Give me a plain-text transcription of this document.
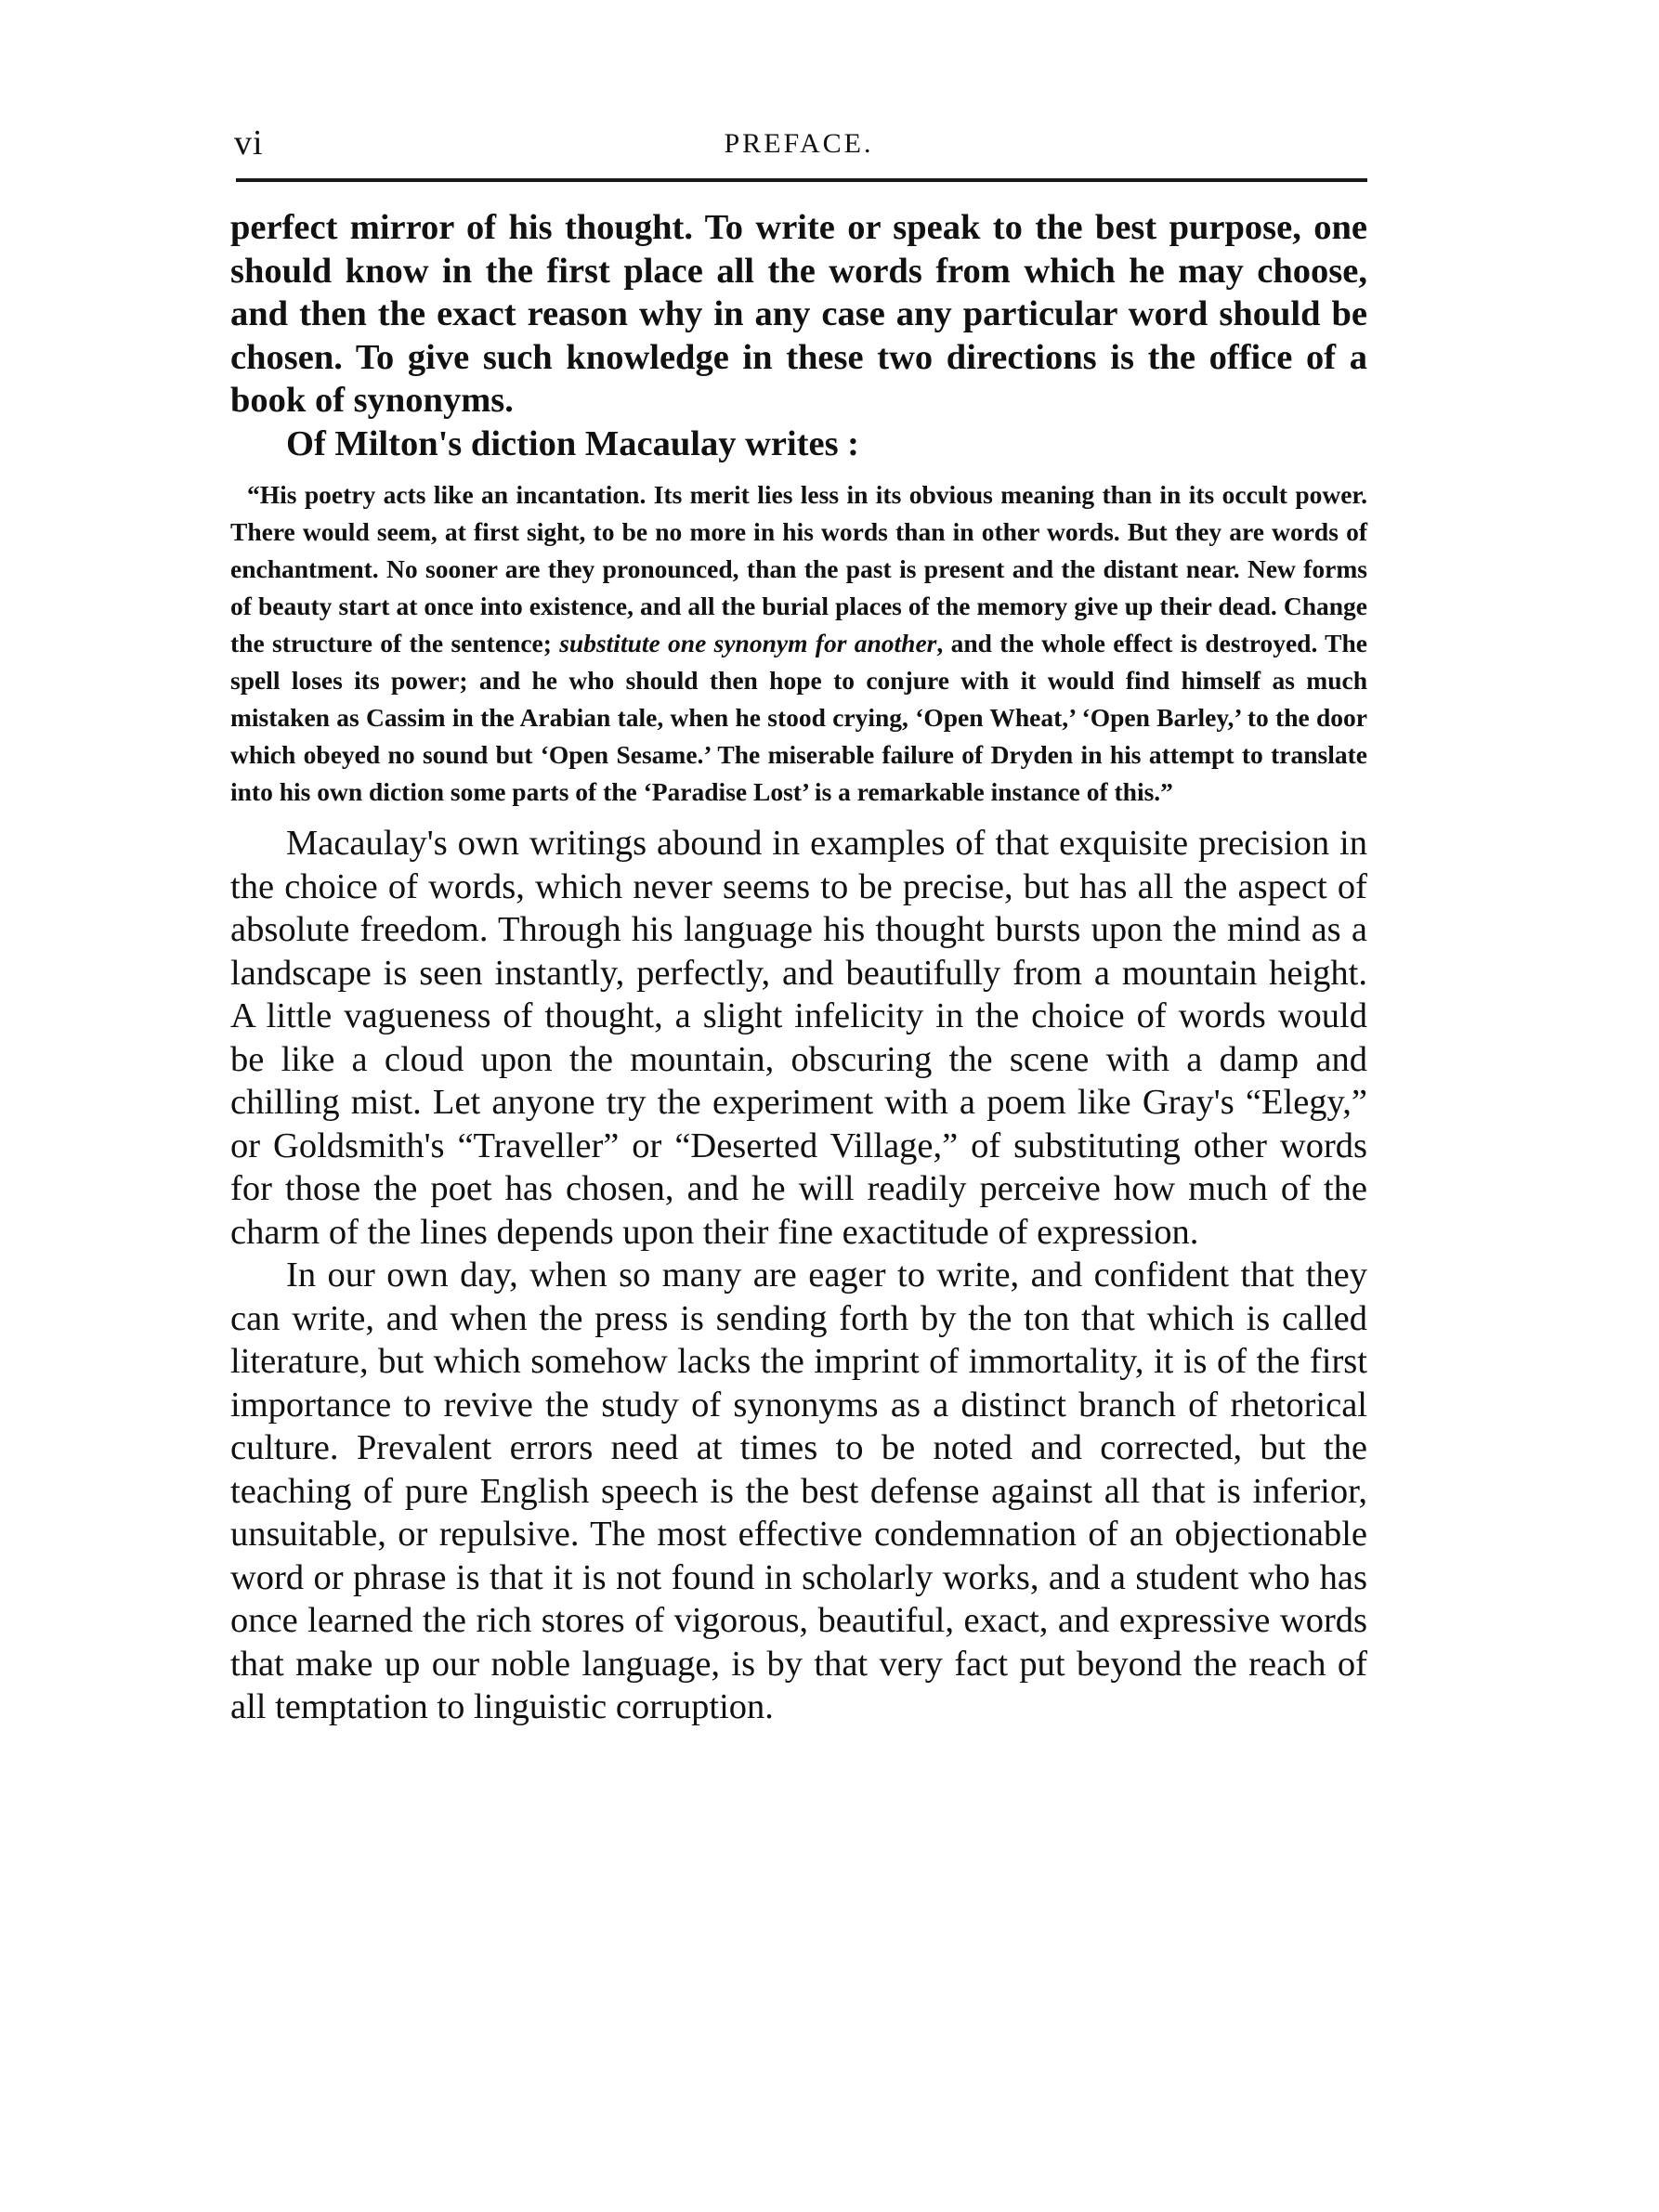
vi	PREFACE.

perfect mirror of his thought. To write or speak to the best purpose, one should know in the first place all the words from which he may choose, and then the exact reason why in any case any particular word should be chosen. To give such knowledge in these two directions is the office of a book of synonyms.

Of Milton's diction Macaulay writes :

“His poetry acts like an incantation. Its merit lies less in its obvious meaning than in its occult power. There would seem, at first sight, to be no more in his words than in other words. But they are words of enchantment. No sooner are they pronounced, than the past is present and the distant near. New forms of beauty start at once into existence, and all the burial places of the memory give up their dead. Change the structure of the sentence; substitute one synonym for another, and the whole effect is destroyed. The spell loses its power; and he who should then hope to conjure with it would find himself as much mistaken as Cassim in the Arabian tale, when he stood crying, ‘Open Wheat,’ ‘Open Barley,’ to the door which obeyed no sound but ‘Open Sesame.’ The miserable failure of Dryden in his attempt to translate into his own diction some parts of the ‘Paradise Lost’ is a remarkable instance of this.”

Macaulay's own writings abound in examples of that exquisite precision in the choice of words, which never seems to be precise, but has all the aspect of absolute freedom. Through his language his thought bursts upon the mind as a landscape is seen instantly, perfectly, and beautifully from a mountain height. A little vagueness of thought, a slight infelicity in the choice of words would be like a cloud upon the mountain, obscuring the scene with a damp and chilling mist. Let anyone try the experiment with a poem like Gray's “Elegy,” or Goldsmith's “Traveller” or “Deserted Village,” of substituting other words for those the poet has chosen, and he will readily perceive how much of the charm of the lines depends upon their fine exactitude of expression.

In our own day, when so many are eager to write, and confident that they can write, and when the press is sending forth by the ton that which is called literature, but which somehow lacks the imprint of immortality, it is of the first importance to revive the study of synonyms as a distinct branch of rhetorical culture. Prevalent errors need at times to be noted and corrected, but the teaching of pure English speech is the best defense against all that is inferior, unsuitable, or repulsive. The most effective condemnation of an objectionable word or phrase is that it is not found in scholarly works, and a student who has once learned the rich stores of vigorous, beautiful, exact, and expressive words that make up our noble language, is by that very fact put beyond the reach of all temptation to linguistic corruption.
